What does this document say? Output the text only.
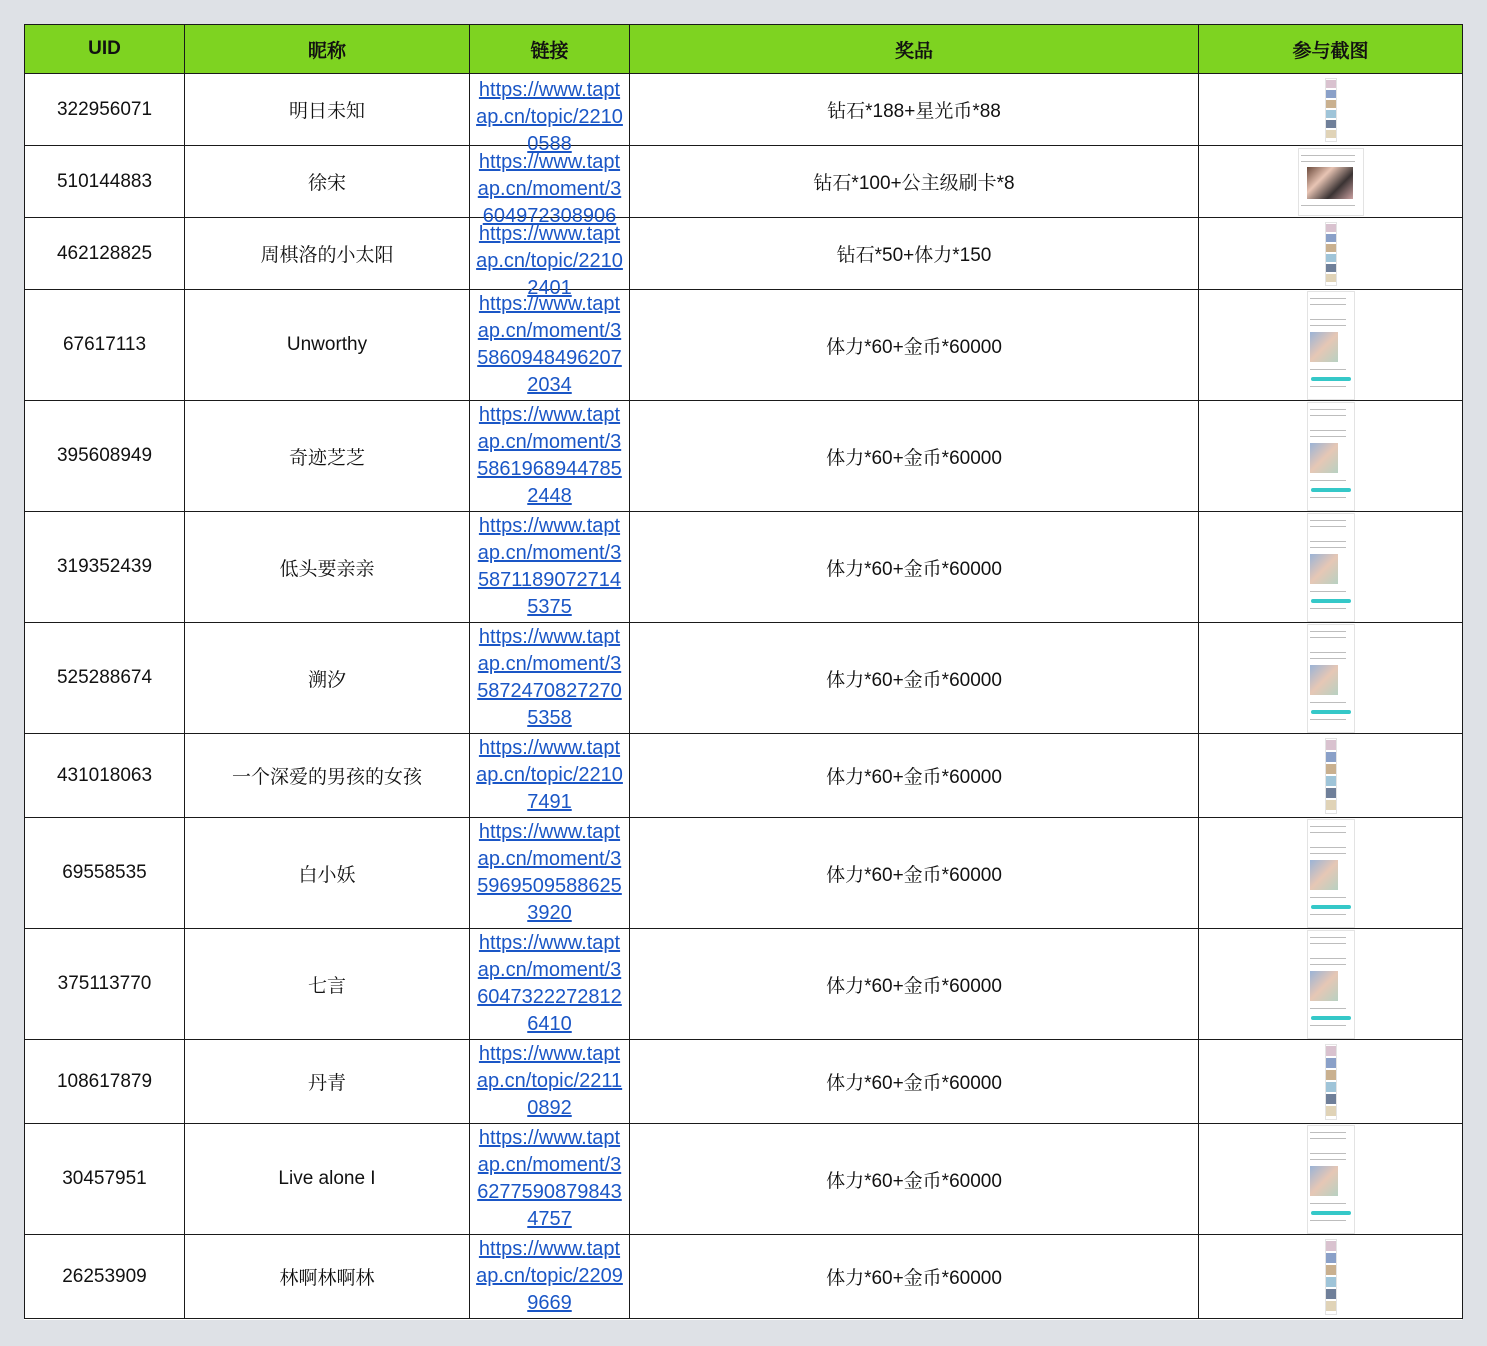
UID	昵称	链接	奖品	参与截图
322956071	明日未知	https://www.taptap.cn/topic/22100588	钻石*188+星光币*88	

510144883	徐宋	https://www.taptap.cn/moment/3604972308906	钻石*100+公主级刷卡*8	

462128825	周棋洛的小太阳	https://www.taptap.cn/topic/22102401	钻石*50+体力*150	

67617113	Unworthy	https://www.taptap.cn/moment/358609484962072034	体力*60+金币*60000	

395608949	奇迹芝芝	https://www.taptap.cn/moment/358619689447852448	体力*60+金币*60000	

319352439	低头要亲亲	https://www.taptap.cn/moment/358711890727145375	体力*60+金币*60000	

525288674	溯汐	https://www.taptap.cn/moment/358724708272705358	体力*60+金币*60000	

431018063	一个深爱的男孩的女孩	https://www.taptap.cn/topic/22107491	体力*60+金币*60000	

69558535	白小妖	https://www.taptap.cn/moment/359695095886253920	体力*60+金币*60000	

375113770	七言	https://www.taptap.cn/moment/360473222728126410	体力*60+金币*60000	

108617879	丹青	https://www.taptap.cn/topic/22110892	体力*60+金币*60000	

30457951	Live alone I	https://www.taptap.cn/moment/362775908798434757	体力*60+金币*60000	

26253909	林啊林啊林	https://www.taptap.cn/topic/22099669	体力*60+金币*60000	
